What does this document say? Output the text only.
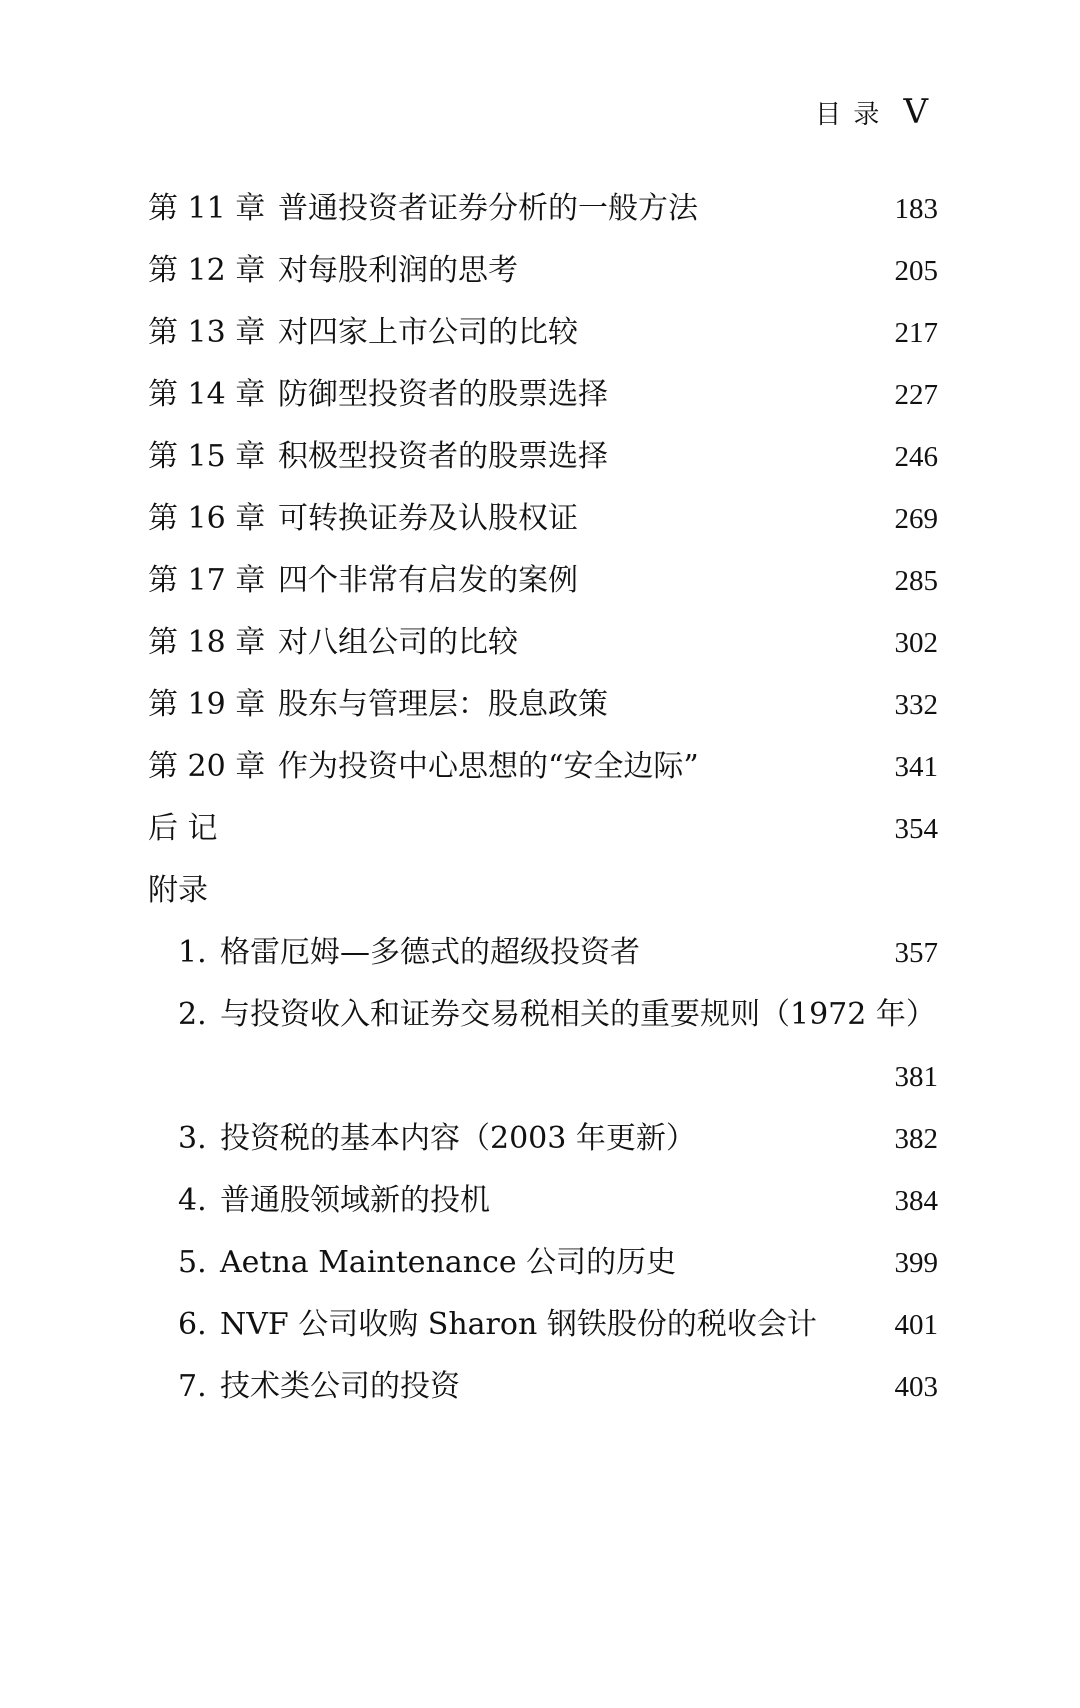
目 录 Ⅴ
第 11 章 普通投资者证券分析的一般方法	183
第 12 章 对每股利润的思考	205
第 13 章 对四家上市公司的比较	217
第 14 章 防御型投资者的股票选择	227
第 15 章 积极型投资者的股票选择	246
第 16 章 可转换证券及认股权证	269
第 17 章 四个非常有启发的案例	285
第 18 章 对八组公司的比较	302
第 19 章 股东与管理层：股息政策	332
第 20 章 作为投资中心思想的“安全边际”	341
后 记	354
附录
1. 格雷厄姆—多德式的超级投资者	357
2. 与投资收入和证券交易税相关的重要规则（1972 年）
381
3. 投资税的基本内容（2003 年更新）	382
4. 普通股领域新的投机	384
5. Aetna Maintenance 公司的历史	399
6. NVF 公司收购 Sharon 钢铁股份的税收会计	401
7. 技术类公司的投资	403
